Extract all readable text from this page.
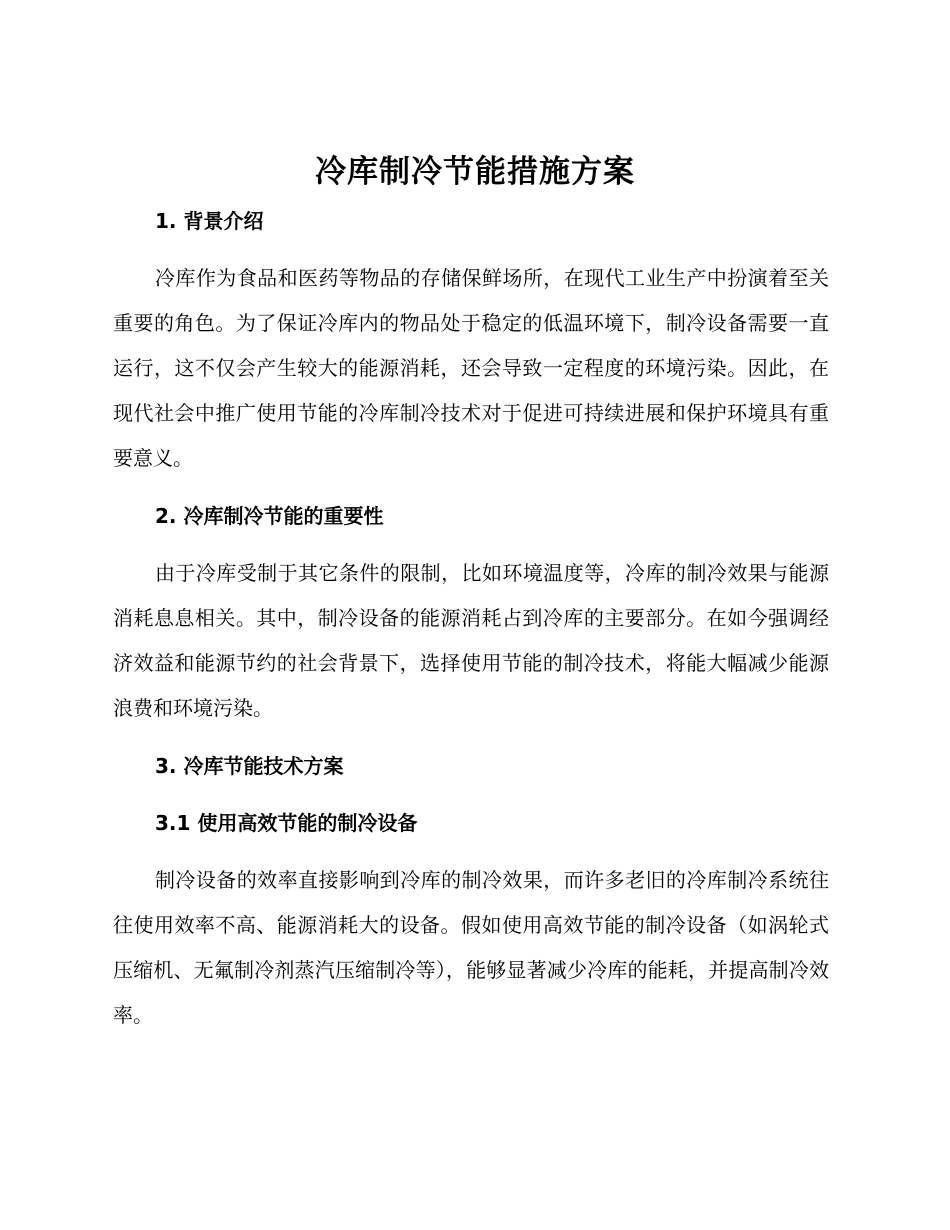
冷库制冷节能措施方案
1. 背景介绍
冷库作为食品和医药等物品的存储保鲜场所，在现代工业生产中扮演着至关重要的角色。为了保证冷库内的物品处于稳定的低温环境下，制冷设备需要一直运行，这不仅会产生较大的能源消耗，还会导致一定程度的环境污染。因此，在现代社会中推广使用节能的冷库制冷技术对于促进可持续进展和保护环境具有重要意义。
2. 冷库制冷节能的重要性
由于冷库受制于其它条件的限制，比如环境温度等，冷库的制冷效果与能源消耗息息相关。其中，制冷设备的能源消耗占到冷库的主要部分。在如今强调经济效益和能源节约的社会背景下，选择使用节能的制冷技术，将能大幅减少能源浪费和环境污染。
3. 冷库节能技术方案
3.1 使用高效节能的制冷设备
制冷设备的效率直接影响到冷库的制冷效果，而许多老旧的冷库制冷系统往往使用效率不高、能源消耗大的设备。假如使用高效节能的制冷设备（如涡轮式压缩机、无氟制冷剂蒸汽压缩制冷等），能够显著减少冷库的能耗，并提高制冷效率。
